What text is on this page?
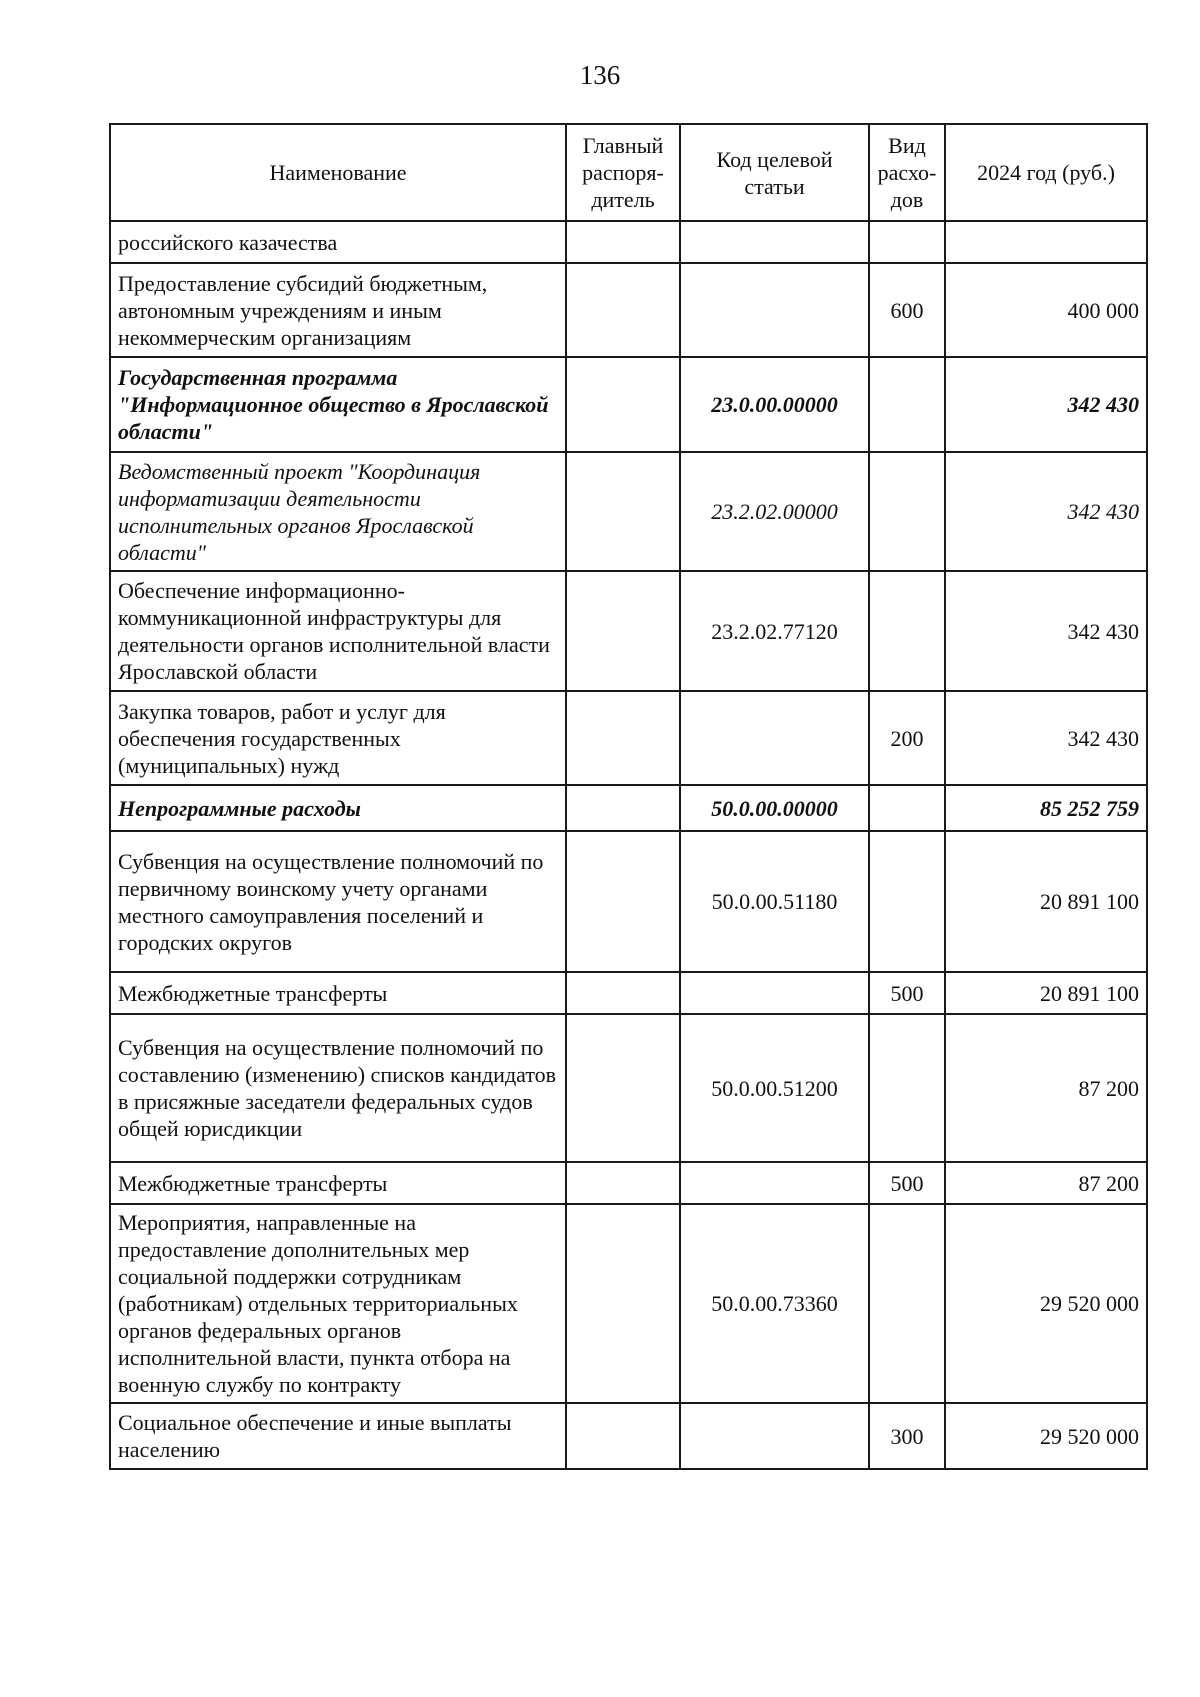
136
Наименование	Главный распоря-дитель	Код целевой статьи	Вид расхо-дов	2024 год (руб.)
российского казачества				
Предоставление субсидий бюджетным, автономным учреждениям и иным некоммерческим организациям			600	400 000
Государственная программа "Информационное общество в Ярославской области"		23.0.00.00000		342 430
Ведомственный проект "Координация информатизации деятельности исполнительных органов Ярославской области"		23.2.02.00000		342 430
Обеспечение информационно-коммуникационной инфраструктуры для деятельности органов исполнительной власти Ярославской области		23.2.02.77120		342 430
Закупка товаров, работ и услуг для обеспечения государственных (муниципальных) нужд			200	342 430
Непрограммные расходы		50.0.00.00000		85 252 759
Субвенция на осуществление полномочий по первичному воинскому учету органами местного самоуправления поселений и городских округов		50.0.00.51180		20 891 100
Межбюджетные трансферты			500	20 891 100
Субвенция на осуществление полномочий по составлению (изменению) списков кандидатов в присяжные заседатели федеральных судов общей юрисдикции		50.0.00.51200		87 200
Межбюджетные трансферты			500	87 200
Мероприятия, направленные на предоставление дополнительных мер социальной поддержки сотрудникам (работникам) отдельных территориальных органов федеральных органов исполнительной власти, пункта отбора на военную службу по контракту		50.0.00.73360		29 520 000
Социальное обеспечение и иные выплаты населению			300	29 520 000
